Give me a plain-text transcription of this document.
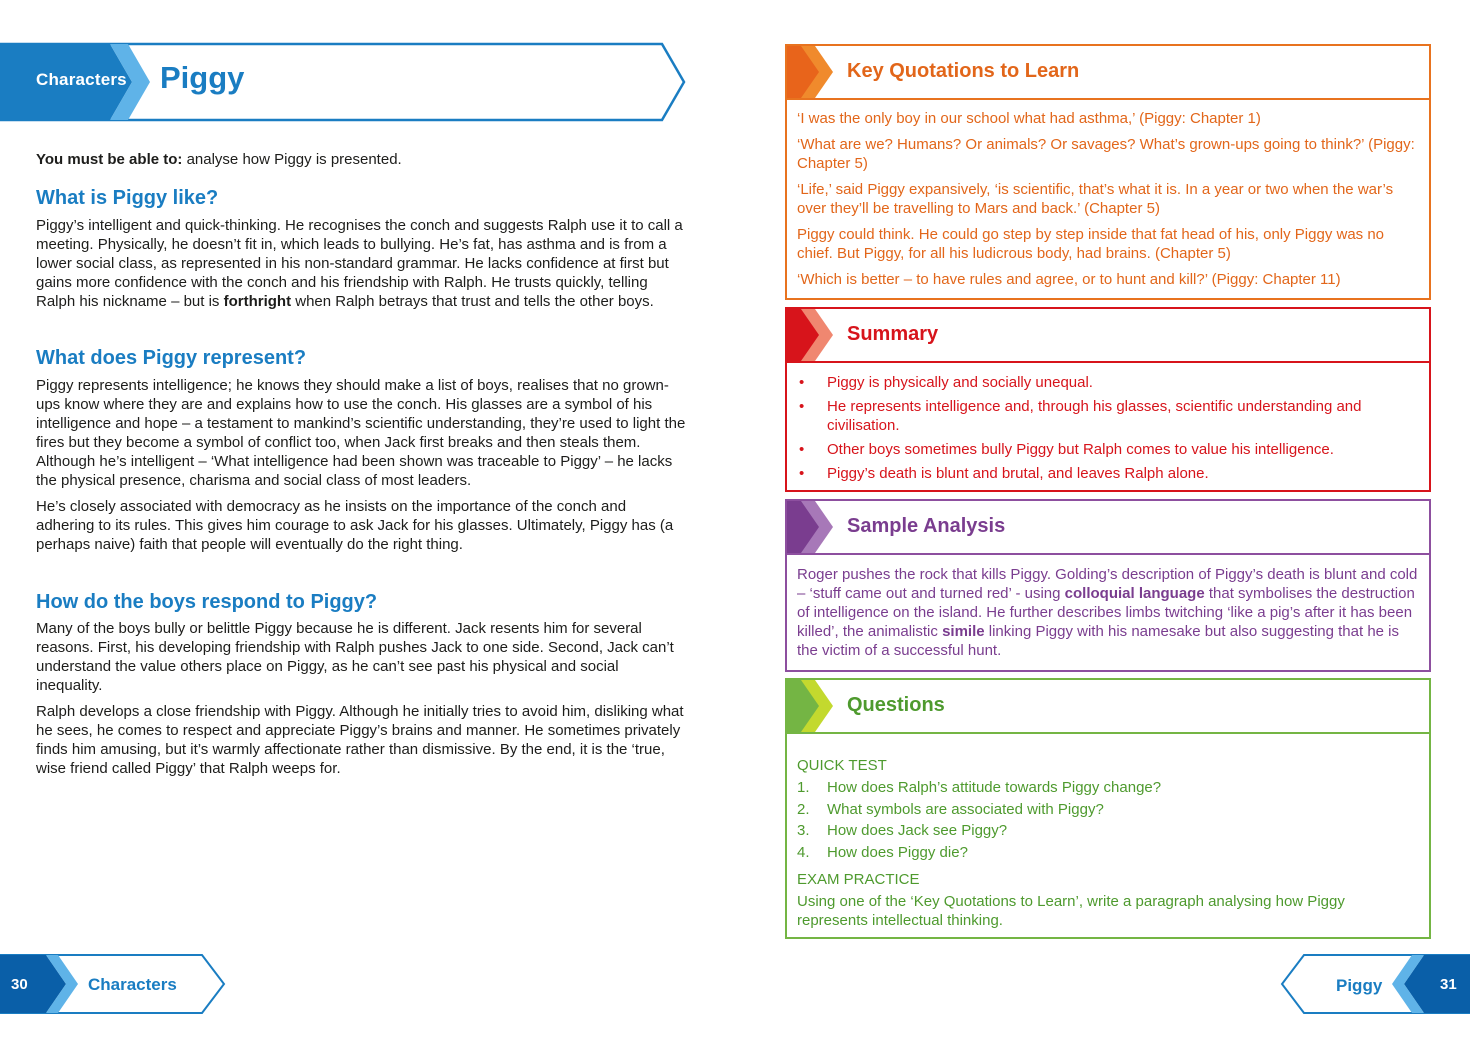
Characters Piggy
You must be able to: analyse how Piggy is presented.
What is Piggy like?

Piggy’s intelligent and quick-thinking. He recognises the conch and suggests Ralph use it to call a meeting. Physically, he doesn’t fit in, which leads to bullying. He’s fat, has asthma and is from a lower social class, as represented in his non-standard grammar. He lacks confidence at first but gains more confidence with the conch and his friendship with Ralph. He trusts quickly, telling Ralph his nickname – but is forthright when Ralph betrays that trust and tells the other boys.

What does Piggy represent?

Piggy represents intelligence; he knows they should make a list of boys, realises that no grown-ups know where they are and explains how to use the conch. His glasses are a symbol of his intelligence and hope – a testament to mankind’s scientific understanding, they’re used to light the fires but they become a symbol of conflict too, when Jack first breaks and then steals them. Although he’s intelligent – ‘What intelligence had been shown was traceable to Piggy’ – he lacks the physical presence, charisma and social class of most leaders.

He’s closely associated with democracy as he insists on the importance of the conch and adhering to its rules. This gives him courage to ask Jack for his glasses. Ultimately, Piggy has (a perhaps naive) faith that people will eventually do the right thing.

How do the boys respond to Piggy?

Many of the boys bully or belittle Piggy because he is different. Jack resents him for several reasons. First, his developing friendship with Ralph pushes Jack to one side. Second, Jack can’t understand the value others place on Piggy, as he can’t see past his physical and social inequality.

Ralph develops a close friendship with Piggy. Although he initially tries to avoid him, disliking what he sees, he comes to respect and appreciate Piggy’s brains and manner. He sometimes privately finds him amusing, but it’s warmly affectionate rather than dismissive. By the end, it is the ‘true, wise friend called Piggy’ that Ralph weeps for.

Key Quotations to Learn

‘I was the only boy in our school what had asthma,’ (Piggy: Chapter 1)

‘What are we? Humans? Or animals? Or savages? What’s grown-ups going to think?’ (Piggy: Chapter 5)

‘Life,’ said Piggy expansively, ‘is scientific, that’s what it is. In a year or two when the war’s over they’ll be travelling to Mars and back.’ (Chapter 5)

Piggy could think. He could go step by step inside that fat head of his, only Piggy was no chief. But Piggy, for all his ludicrous body, had brains. (Chapter 5)

‘Which is better – to have rules and agree, or to hunt and kill?’ (Piggy: Chapter 11)

Summary
• Piggy is physically and socially unequal.
• He represents intelligence and, through his glasses, scientific understanding and civilisation.
• Other boys sometimes bully Piggy but Ralph comes to value his intelligence.
• Piggy’s death is blunt and brutal, and leaves Ralph alone.
Sample Analysis
Roger pushes the rock that kills Piggy. Golding’s description of Piggy’s death is blunt and cold – ‘stuff came out and turned red’ - using colloquial language that symbolises the destruction of intelligence on the island. He further describes limbs twitching ‘like a pig’s after it has been killed’, the animalistic simile linking Piggy with his namesake but also suggesting that he is the victim of a successful hunt.
Questions

QUICK TEST

1. How does Ralph’s attitude towards Piggy change?
2. What symbols are associated with Piggy?
3. How does Jack see Piggy?
4. How does Piggy die?

EXAM PRACTICE

Using one of the ‘Key Quotations to Learn’, write a paragraph analysing how Piggy represents intellectual thinking.

30	Characters	Piggy	31
